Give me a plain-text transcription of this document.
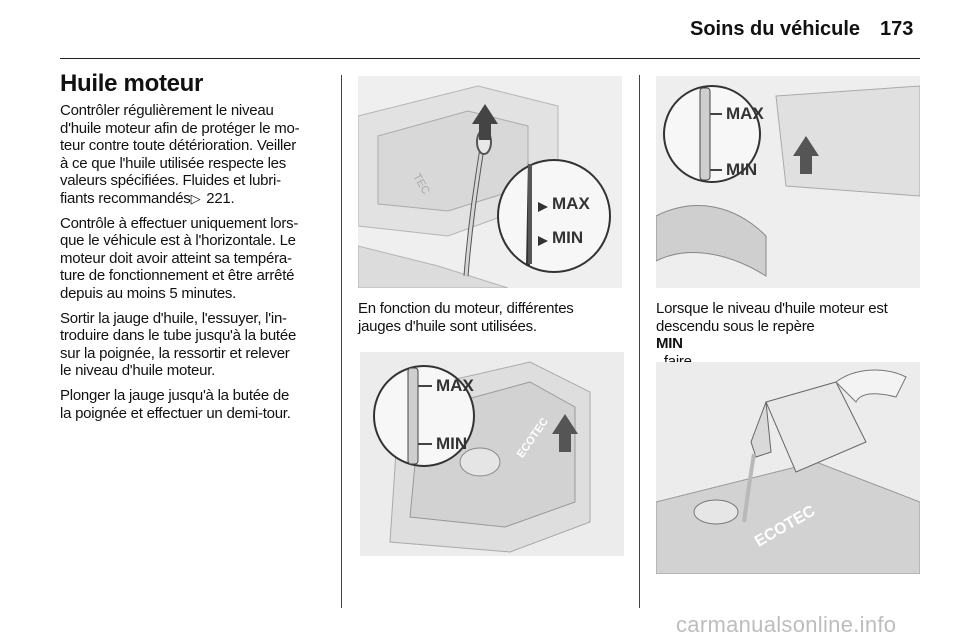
Soins du véhicule 173
Huile moteur
Contrôler régulièrement le niveau
d'huile moteur afin de protéger le mo-
teur contre toute détérioration. Veiller
à ce que l'huile utilisée respecte les
valeurs spécifiées. Fluides et lubri-
fiants recommandés▷ 221.
Contrôle à effectuer uniquement lors-
que le véhicule est à l'horizontale. Le
moteur doit avoir atteint sa tempéra-
ture de fonctionnement et être arrêté
depuis au moins 5 minutes.
Sortir la jauge d'huile, l'essuyer, l'in-
troduire dans le tube jusqu'à la butée
sur la poignée, la ressortir et relever
le niveau d'huile moteur.
Plonger la jauge jusqu'à la butée de
la poignée et effectuer un demi-tour.
TEC
MAX
MIN
En fonction du moteur, différentes
jauges d'huile sont utilisées.
MAX
MIN	ECOTEC
MAX
MIN
Lorsque le niveau d'huile moteur est
descendu sous le repère
MIN
ECOTEC
carmanualsonline.info
